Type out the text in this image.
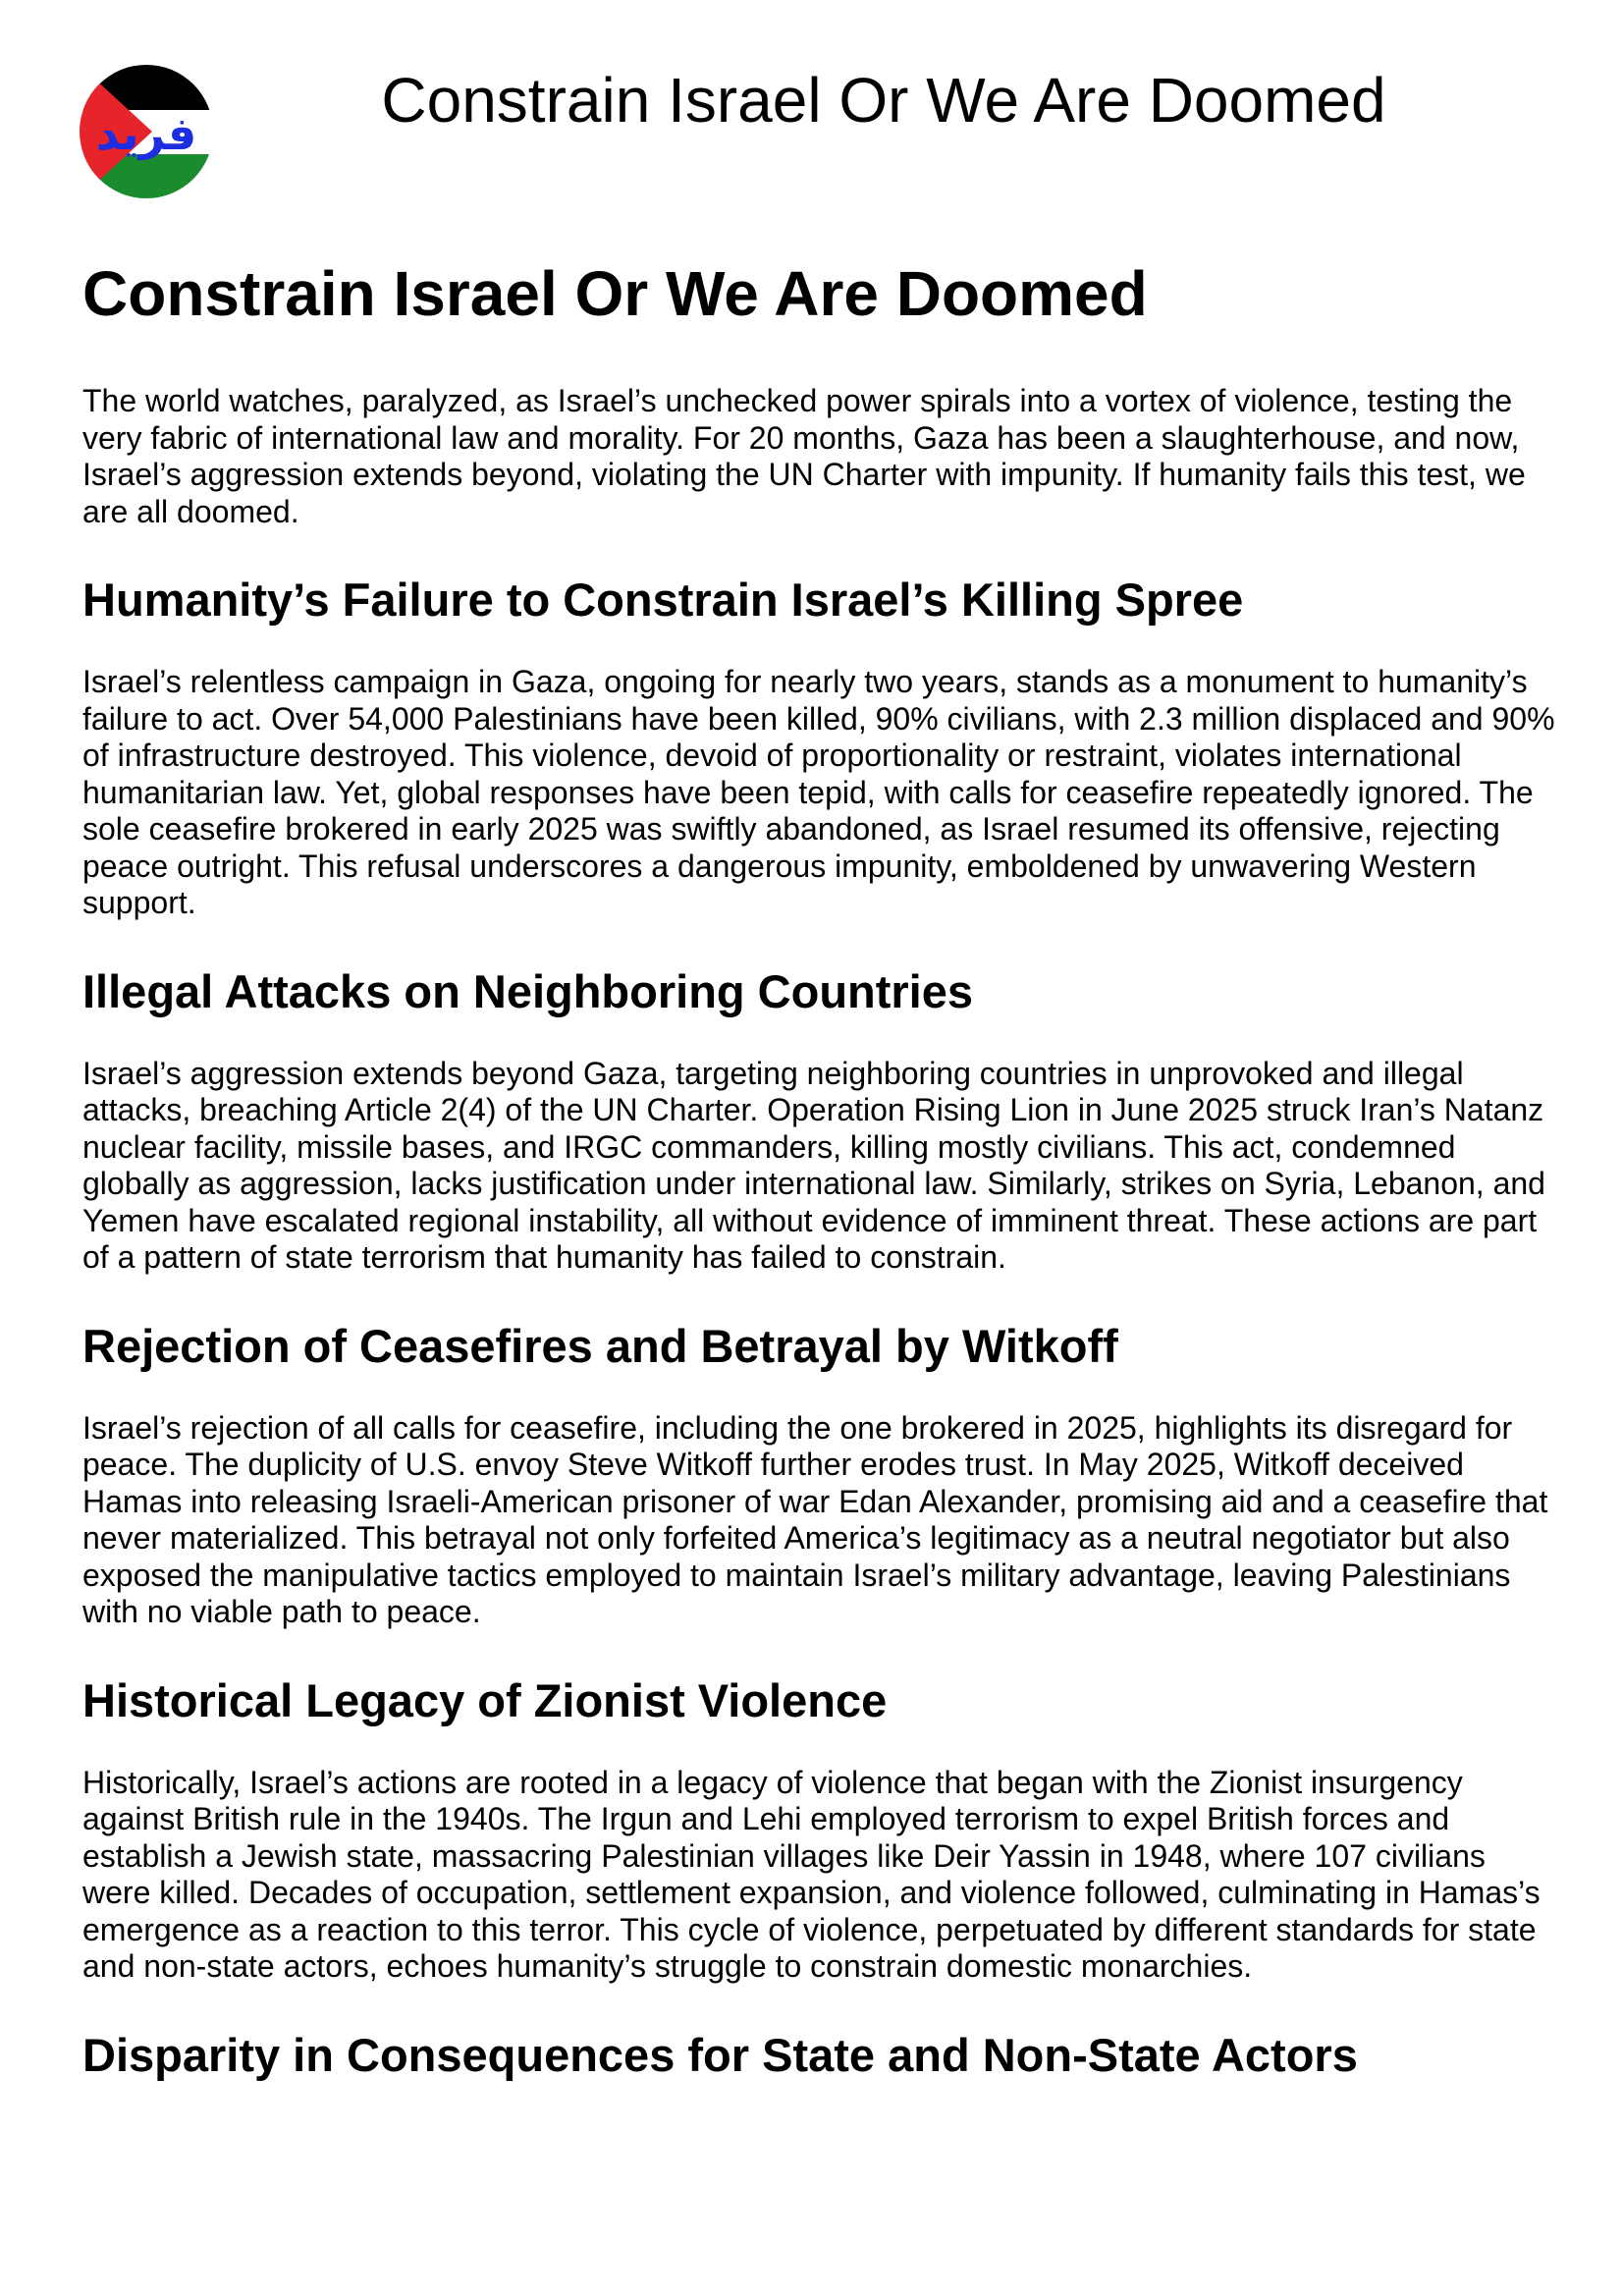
فريد	Constrain Israel Or We Are Doomed
Constrain Israel Or We Are Doomed

The world watches, paralyzed, as Israel’s unchecked power spirals into a vortex of violence, testing the very fabric of international law and morality. For 20 months, Gaza has been a slaughterhouse, and now, Israel’s aggression extends beyond, violating the UN Charter with impunity. If humanity fails this test, we are all doomed.

Humanity’s Failure to Constrain Israel’s Killing Spree

Israel’s relentless campaign in Gaza, ongoing for nearly two years, stands as a monument to humanity’s failure to act. Over 54,000 Palestinians have been killed, 90% civilians, with 2.3 million displaced and 90% of infrastructure destroyed. This violence, devoid of proportionality or restraint, violates international humanitarian law. Yet, global responses have been tepid, with calls for ceasefire repeatedly ignored. The sole ceasefire brokered in early 2025 was swiftly abandoned, as Israel resumed its offensive, rejecting peace outright. This refusal underscores a dangerous impunity, emboldened by unwavering Western support.

Illegal Attacks on Neighboring Countries

Israel’s aggression extends beyond Gaza, targeting neighboring countries in unprovoked and illegal attacks, breaching Article 2(4) of the UN Charter. Operation Rising Lion in June 2025 struck Iran’s Natanz nuclear facility, missile bases, and IRGC commanders, killing mostly civilians. This act, condemned globally as aggression, lacks justification under international law. Similarly, strikes on Syria, Lebanon, and Yemen have escalated regional instability, all without evidence of imminent threat. These actions are part of a pattern of state terrorism that humanity has failed to constrain.

Rejection of Ceasefires and Betrayal by Witkoff

Israel’s rejection of all calls for ceasefire, including the one brokered in 2025, highlights its disregard for peace. The duplicity of U.S. envoy Steve Witkoff further erodes trust. In May 2025, Witkoff deceived Hamas into releasing Israeli-American prisoner of war Edan Alexander, promising aid and a ceasefire that never materialized. This betrayal not only forfeited America’s legitimacy as a neutral negotiator but also exposed the manipulative tactics employed to maintain Israel’s military advantage, leaving Palestinians with no viable path to peace.

Historical Legacy of Zionist Violence

Historically, Israel’s actions are rooted in a legacy of violence that began with the Zionist insurgency against British rule in the 1940s. The Irgun and Lehi employed terrorism to expel British forces and establish a Jewish state, massacring Palestinian villages like Deir Yassin in 1948, where 107 civilians were killed. Decades of occupation, settlement expansion, and violence followed, culminating in Hamas’s emergence as a reaction to this terror. This cycle of violence, perpetuated by different standards for state and non-state actors, echoes humanity’s struggle to constrain domestic monarchies.

Disparity in Consequences for State and Non-State Actors
